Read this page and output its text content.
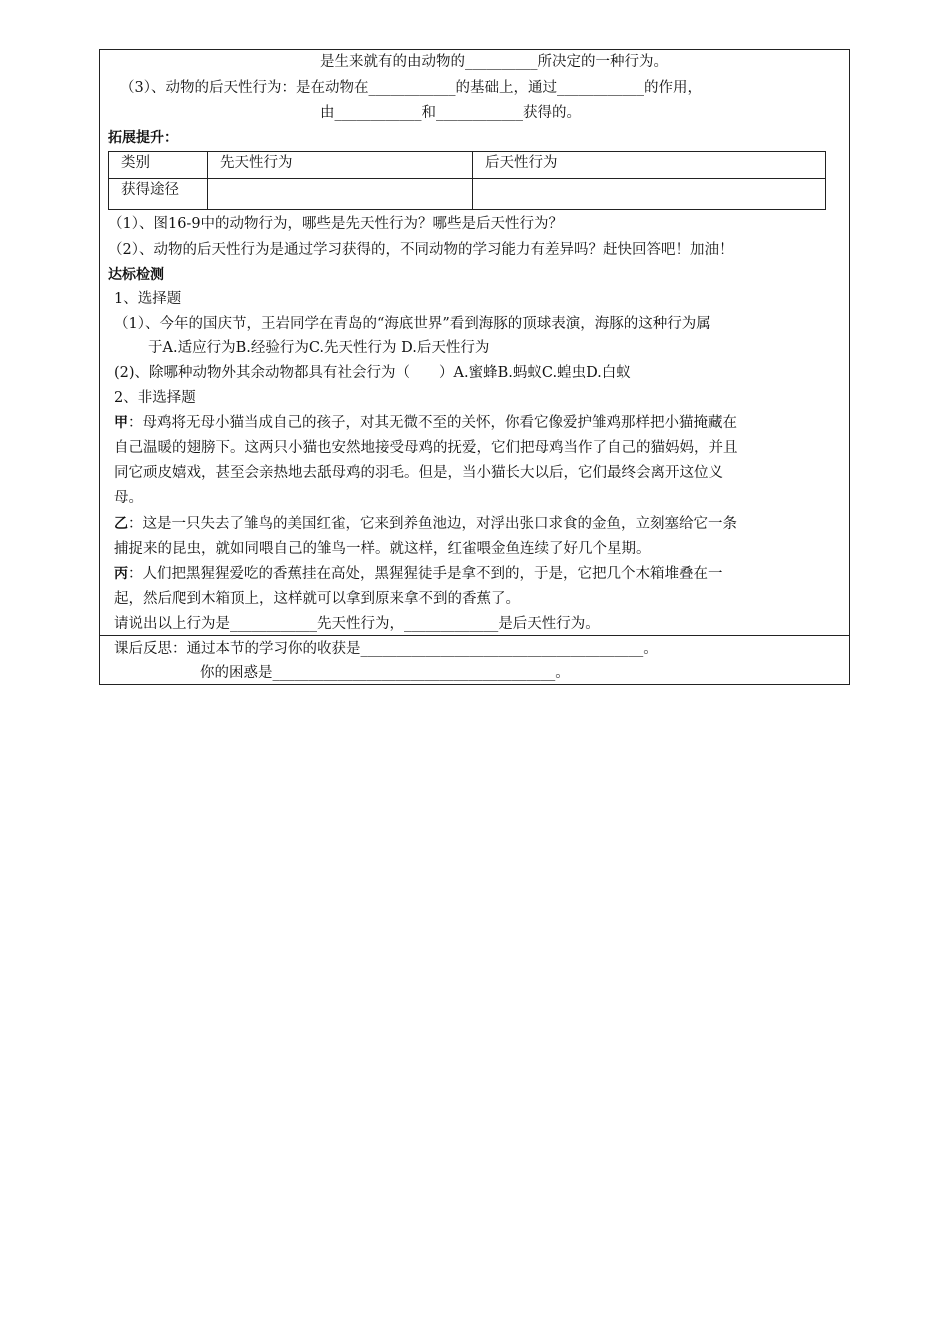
是生来就有的由动物的__________所决定的一种行为。
（3）、动物的后天性行为：是在动物在____________的基础上，通过____________的作用，
由____________和____________获得的。
拓展提升：
类别	先天性行为	后天性行为
获得途径		
（1）、图16-9中的动物行为，哪些是先天性行为？哪些是后天性行为？
（2）、动物的后天性行为是通过学习获得的，不同动物的学习能力有差异吗？赶快回答吧！加油！
达标检测
1、选择题
（1）、今年的国庆节，王岩同学在青岛的“海底世界”看到海豚的顶球表演，海豚的这种行为属
于A.适应行为B.经验行为C.先天性行为 D.后天性行为
(2)、除哪种动物外其余动物都具有社会行为（　　）A.蜜蜂B.蚂蚁C.蝗虫D.白蚁
2、非选择题
甲：母鸡将无母小猫当成自己的孩子，对其无微不至的关怀，你看它像爱护雏鸡那样把小猫掩藏在
自己温暖的翅膀下。这两只小猫也安然地接受母鸡的抚爱，它们把母鸡当作了自己的猫妈妈，并且
同它顽皮嬉戏，甚至会亲热地去舐母鸡的羽毛。但是，当小猫长大以后，它们最终会离开这位义
母。
乙：这是一只失去了雏鸟的美国红雀，它来到养鱼池边，对浮出张口求食的金鱼，立刻塞给它一条
捕捉来的昆虫，就如同喂自己的雏鸟一样。就这样，红雀喂金鱼连续了好几个星期。
丙：人们把黑猩猩爱吃的香蕉挂在高处，黑猩猩徒手是拿不到的，于是，它把几个木箱堆叠在一
起，然后爬到木箱顶上，这样就可以拿到原来拿不到的香蕉了。
请说出以上行为是____________先天性行为，_____________是后天性行为。
课后反思：通过本节的学习你的收获是_______________________________________。
你的困惑是_______________________________________。
